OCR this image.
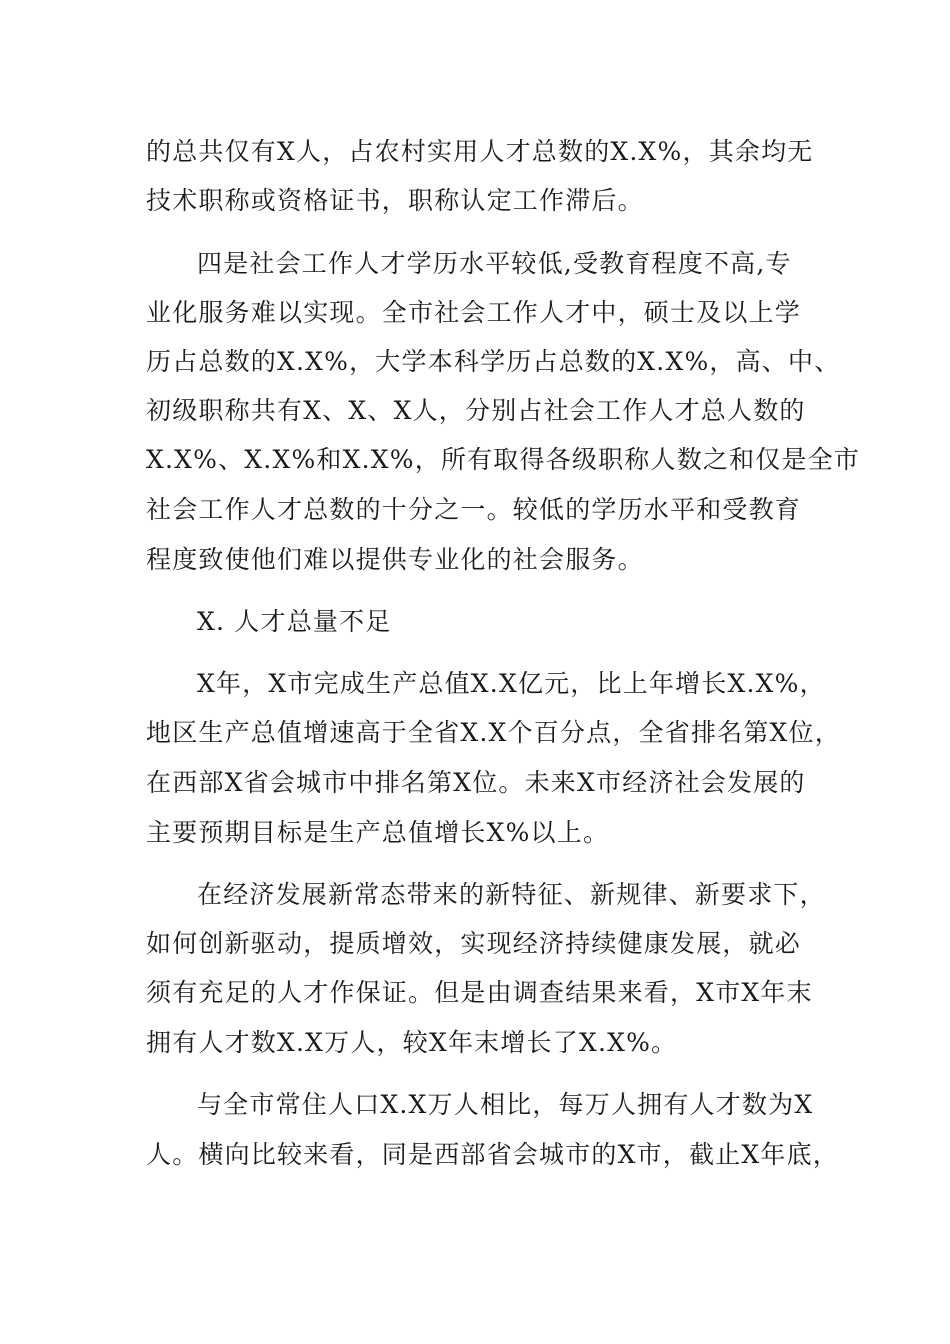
的总共仅有X人，占农村实用人才总数的X.X%，其余均无
技术职称或资格证书，职称认定工作滞后。
四是社会工作人才学历水平较低,受教育程度不高,专
业化服务难以实现。全市社会工作人才中，硕士及以上学
历占总数的X.X%，大学本科学历占总数的X.X%，高、中、
初级职称共有X、X、X人，分别占社会工作人才总人数的
X.X%、X.X%和X.X%，所有取得各级职称人数之和仅是全市
社会工作人才总数的十分之一。较低的学历水平和受教育
程度致使他们难以提供专业化的社会服务。
X. 人才总量不足
X年，X市完成生产总值X.X亿元，比上年增长X.X%，
地区生产总值增速高于全省X.X个百分点，全省排名第X位，
在西部X省会城市中排名第X位。未来X市经济社会发展的
主要预期目标是生产总值增长X%以上。
在经济发展新常态带来的新特征、新规律、新要求下，
如何创新驱动，提质增效，实现经济持续健康发展，就必
须有充足的人才作保证。但是由调查结果来看，X市X年末
拥有人才数X.X万人，较X年末增长了X.X%。
与全市常住人口X.X万人相比，每万人拥有人才数为X
人。横向比较来看，同是西部省会城市的X市，截止X年底，
